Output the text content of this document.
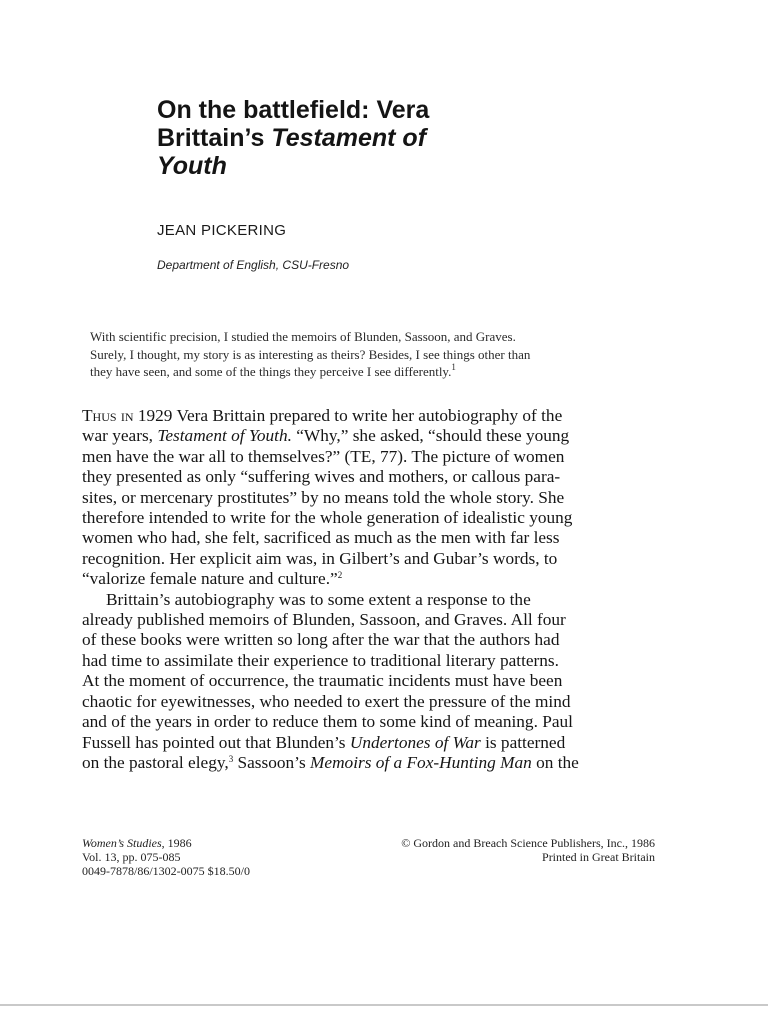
On the battlefield: Vera
Brittain’s Testament of
Youth
JEAN PICKERING
Department of English, CSU-Fresno
With scientific precision, I studied the memoirs of Blunden, Sassoon, and Graves.
Surely, I thought, my story is as interesting as theirs? Besides, I see things other than
they have seen, and some of the things they perceive I see differently.$^1$
Thus in 1929 Vera Brittain prepared to write her autobiography of the
war years, Testament of Youth. “Why,” she asked, “should these young
men have the war all to themselves?” (TE, 77). The picture of women
they presented as only “suffering wives and mothers, or callous para-
sites, or mercenary prostitutes” by no means told the whole story. She
therefore intended to write for the whole generation of idealistic young
women who had, she felt, sacrificed as much as the men with far less
recognition. Her explicit aim was, in Gilbert’s and Gubar’s words, to
“valorize female nature and culture.”$^2$
Brittain’s autobiography was to some extent a response to the
already published memoirs of Blunden, Sassoon, and Graves. All four
of these books were written so long after the war that the authors had
had time to assimilate their experience to traditional literary patterns.
At the moment of occurrence, the traumatic incidents must have been
chaotic for eyewitnesses, who needed to exert the pressure of the mind
and of the years in order to reduce them to some kind of meaning. Paul
Fussell has pointed out that Blunden’s Undertones of War is patterned
on the pastoral elegy,$^3$ Sassoon’s Memoirs of a Fox-Hunting Man on the
Women’s Studies, 1986
Vol. 13, pp. 075-085
0049-7878/86/1302-0075 $18.50/0
© Gordon and Breach Science Publishers, Inc., 1986
Printed in Great Britain
